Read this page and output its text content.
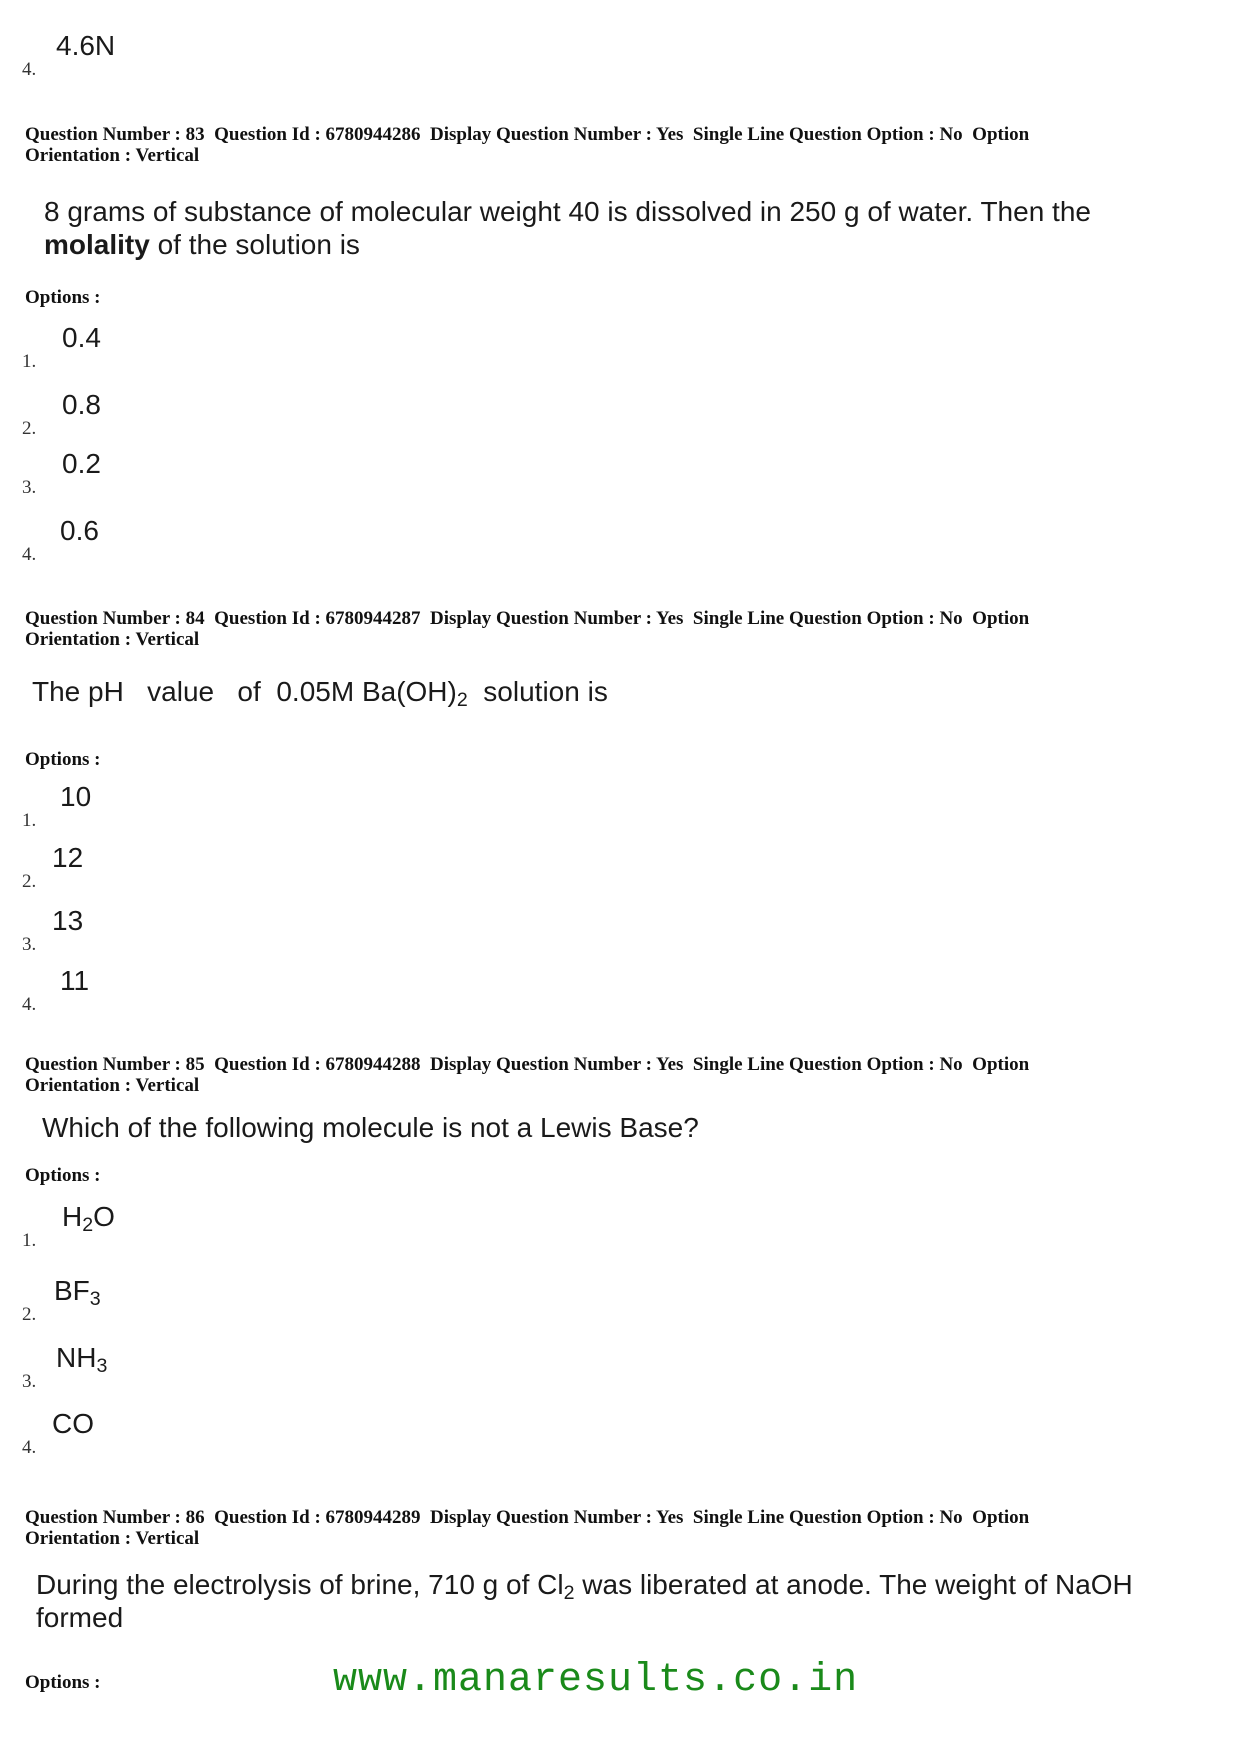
4.
4.6N
Question Number : 83 Question Id : 6780944286 Display Question Number : Yes Single Line Question Option : No Option
Orientation : Vertical
8 grams of substance of molecular weight 40 is dissolved in 250 g of water. Then the
molality of the solution is
Options :
1.
0.4
2.
0.8
3.
0.2
4.
0.6
Question Number : 84 Question Id : 6780944287 Display Question Number : Yes Single Line Question Option : No Option
Orientation : Vertical
The pH   value   of  0.05M $Ba(OH)_2$  solution is
Options :
1.
10
2.
12
3.
13
4.
11
Question Number : 85 Question Id : 6780944288 Display Question Number : Yes Single Line Question Option : No Option
Orientation : Vertical
Which of the following molecule is not a Lewis Base?
Options :
1.
$H_2O$
2.
$BF_3$
3.
$NH_3$
4.
CO
Question Number : 86 Question Id : 6780944289 Display Question Number : Yes Single Line Question Option : No Option
Orientation : Vertical
During the electrolysis of brine, 710 g of $Cl_2$ was liberated at anode. The weight of NaOH formed
Options :	www.manaresults.co.in
